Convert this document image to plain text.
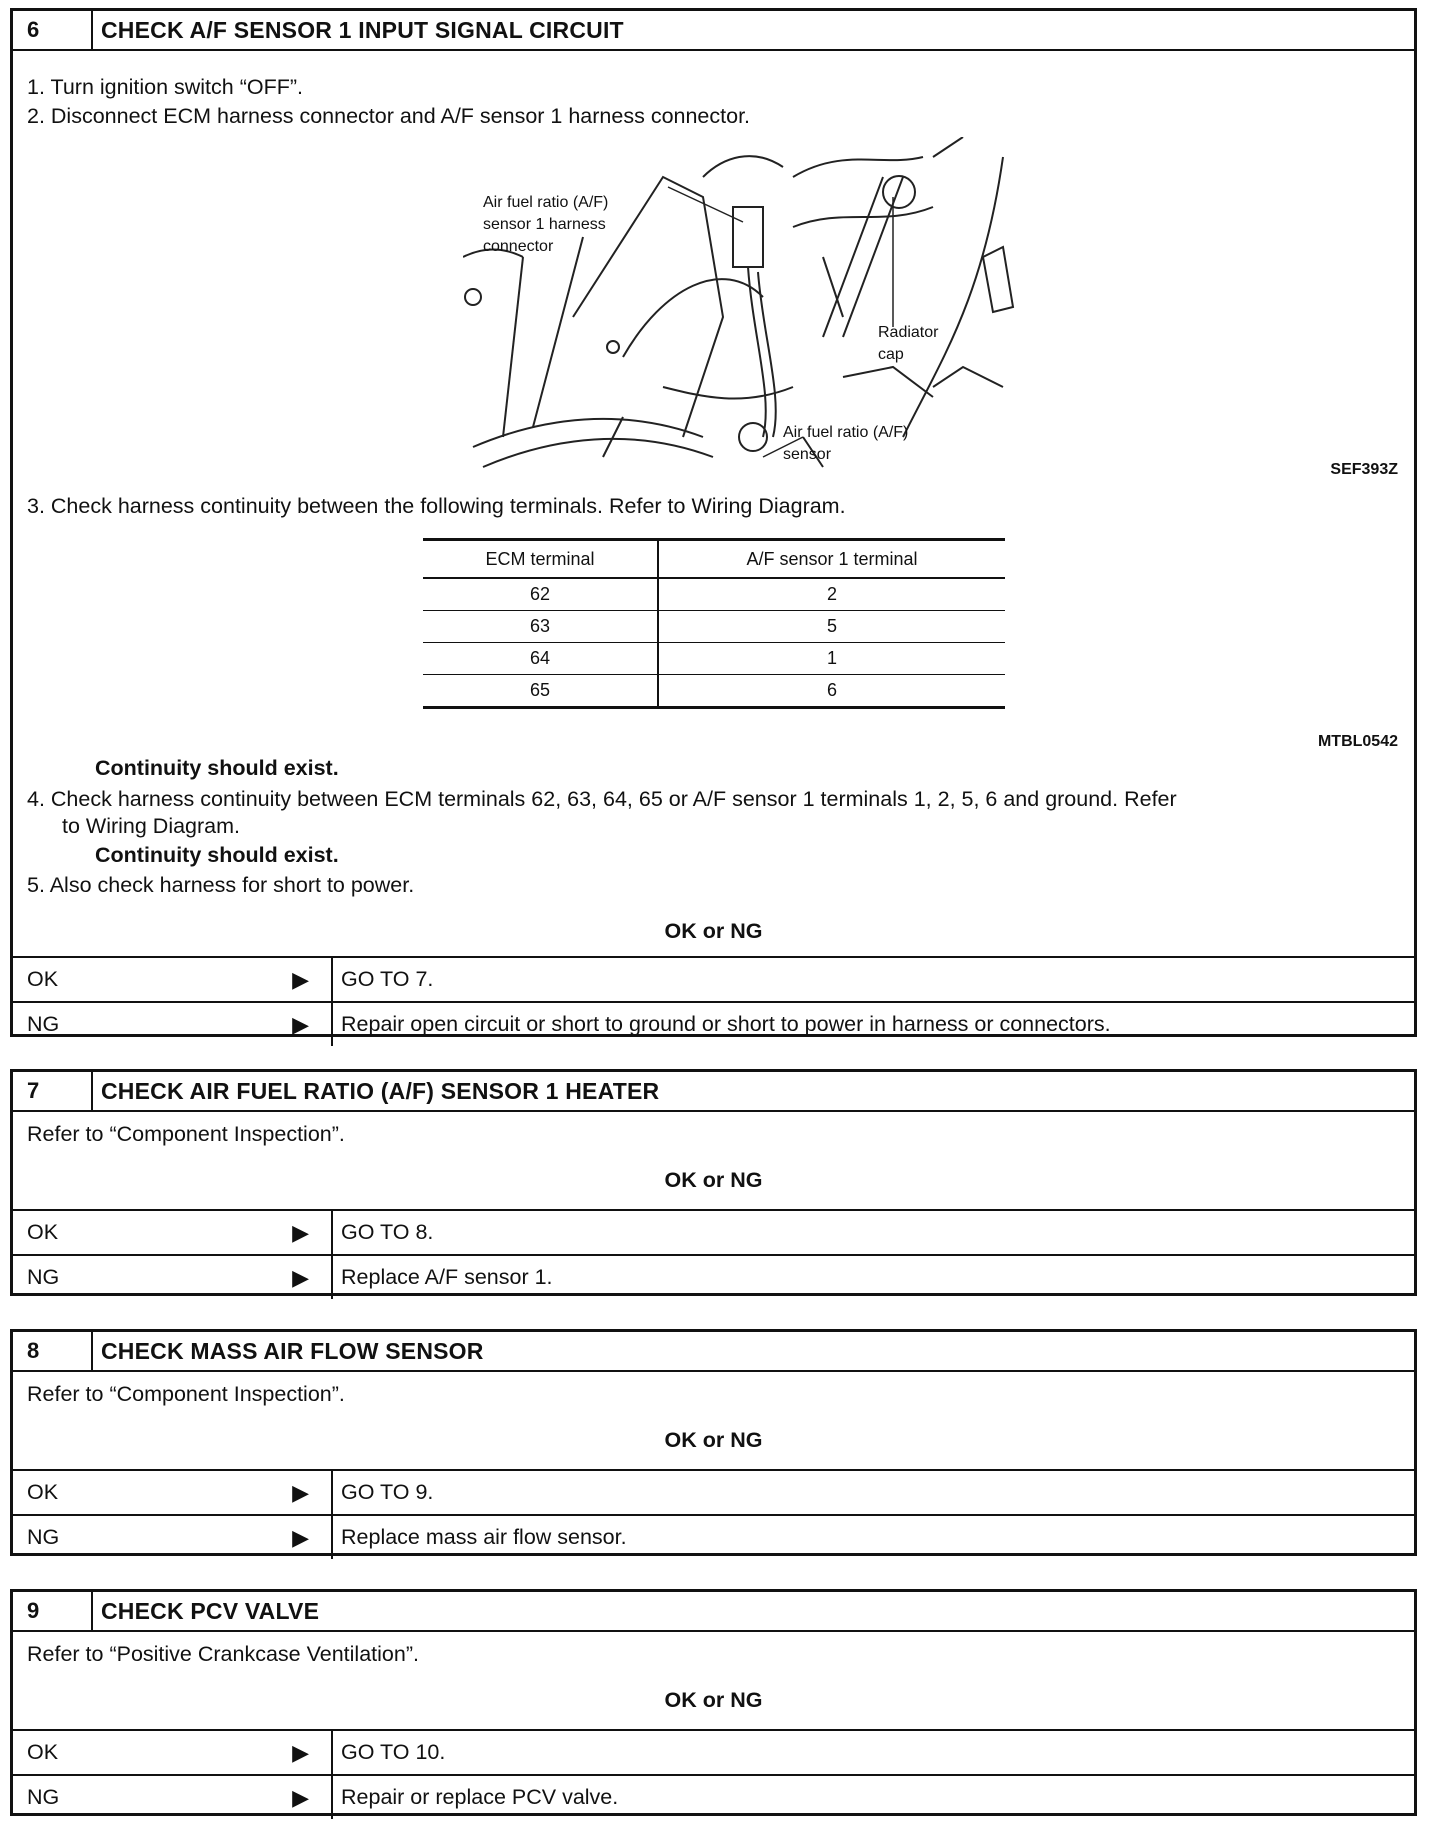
6	CHECK A/F SENSOR 1 INPUT SIGNAL CIRCUIT
1. Turn ignition switch “OFF”.
2. Disconnect ECM harness connector and A/F sensor 1 harness connector.
Air fuel ratio (A/F)
sensor 1 harness
connector
Radiator
cap
Air fuel ratio (A/F)
sensor
SEF393Z
3. Check harness continuity between the following terminals. Refer to Wiring Diagram.
ECM terminal	A/F sensor 1 terminal
62	2
63	5
64	1
65	6
MTBL0542
Continuity should exist.
4. Check harness continuity between ECM terminals 62, 63, 64, 65 or A/F sensor 1 terminals 1, 2, 5, 6 and ground. Refer
to Wiring Diagram.
Continuity should exist.
5. Also check harness for short to power.
OK or NG
OK	▶	GO TO 7.
NG	▶	Repair open circuit or short to ground or short to power in harness or connectors.
7	CHECK AIR FUEL RATIO (A/F) SENSOR 1 HEATER
Refer to “Component Inspection”.
OK or NG
OK	▶	GO TO 8.
NG	▶	Replace A/F sensor 1.
8	CHECK MASS AIR FLOW SENSOR
Refer to “Component Inspection”.
OK or NG
OK	▶	GO TO 9.
NG	▶	Replace mass air flow sensor.
9	CHECK PCV VALVE
Refer to “Positive Crankcase Ventilation”.
OK or NG
OK	▶	GO TO 10.
NG	▶	Repair or replace PCV valve.
